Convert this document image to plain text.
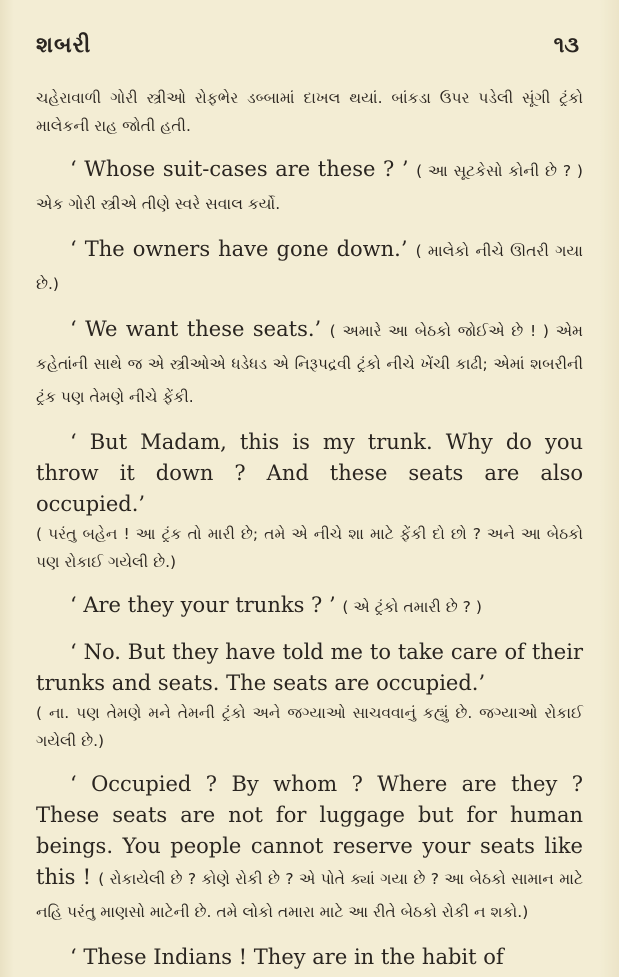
શબરી	૧૩

ચહેરાવાળી ગોરી સ્ત્રીઓ રોફભેર ડબ્બામાં દાખલ થયાં. બાંકડા ઉપર પડેલી સૂંગી ટ્રંકો માલેકની રાહ જોતી હતી.

‘ Whose suit-cases are these ? ’ ( આ સૂટકેસો કોની છે ? ) એક ગોરી સ્ત્રીએ તીણે સ્વરે સવાલ કર્યો.

‘ The owners have gone down.’ ( માલેકો નીચે ઊતરી ગયા છે.)

‘ We want these seats.’ ( અમારે આ બેઠકો જોઈએ છે ! ) એમ કહેતાંની સાથે જ એ સ્ત્રીઓએ ધડેધડ એ નિરૂપદ્રવી ટ્રંકો નીચે ખેંચી કાઢી; એમાં શબરીની ટ્રંક પણ તેમણે નીચે ફેંકી.

‘ But Madam, this is my trunk. Why do you throw it down ? And these seats are also occupied.’

( પરંતુ બહેન ! આ ટ્રંક તો મારી છે; તમે એ નીચે શા માટે ફેંકી દો છો ? અને આ બેઠકો પણ રોકાઈ ગયેલી છે.)

‘ Are they your trunks ? ’ ( એ ટ્રંકો તમારી છે ? )

‘ No. But they have told me to take care of their trunks and seats. The seats are occupied.’

( ના. પણ તેમણે મને તેમની ટ્રંકો અને જગ્યાઓ સાચવવાનું કહ્યું છે. જગ્યાઓ રોકાઈ ગયેલી છે.)

‘ Occupied ? By whom ? Where are they ? These seats are not for luggage but for human beings. You people cannot reserve your seats like this ! ( રોકાયેલી છે ? કોણે રોકી છે ? એ પોતે ક્યાં ગયા છે ? આ બેઠકો સામાન માટે નહિ પરંતુ માણસો માટેની છે. તમે લોકો તમારા માટે આ રીતે બેઠકો રોકી ન શકો.)

‘ These Indians ! They are in the habit of
